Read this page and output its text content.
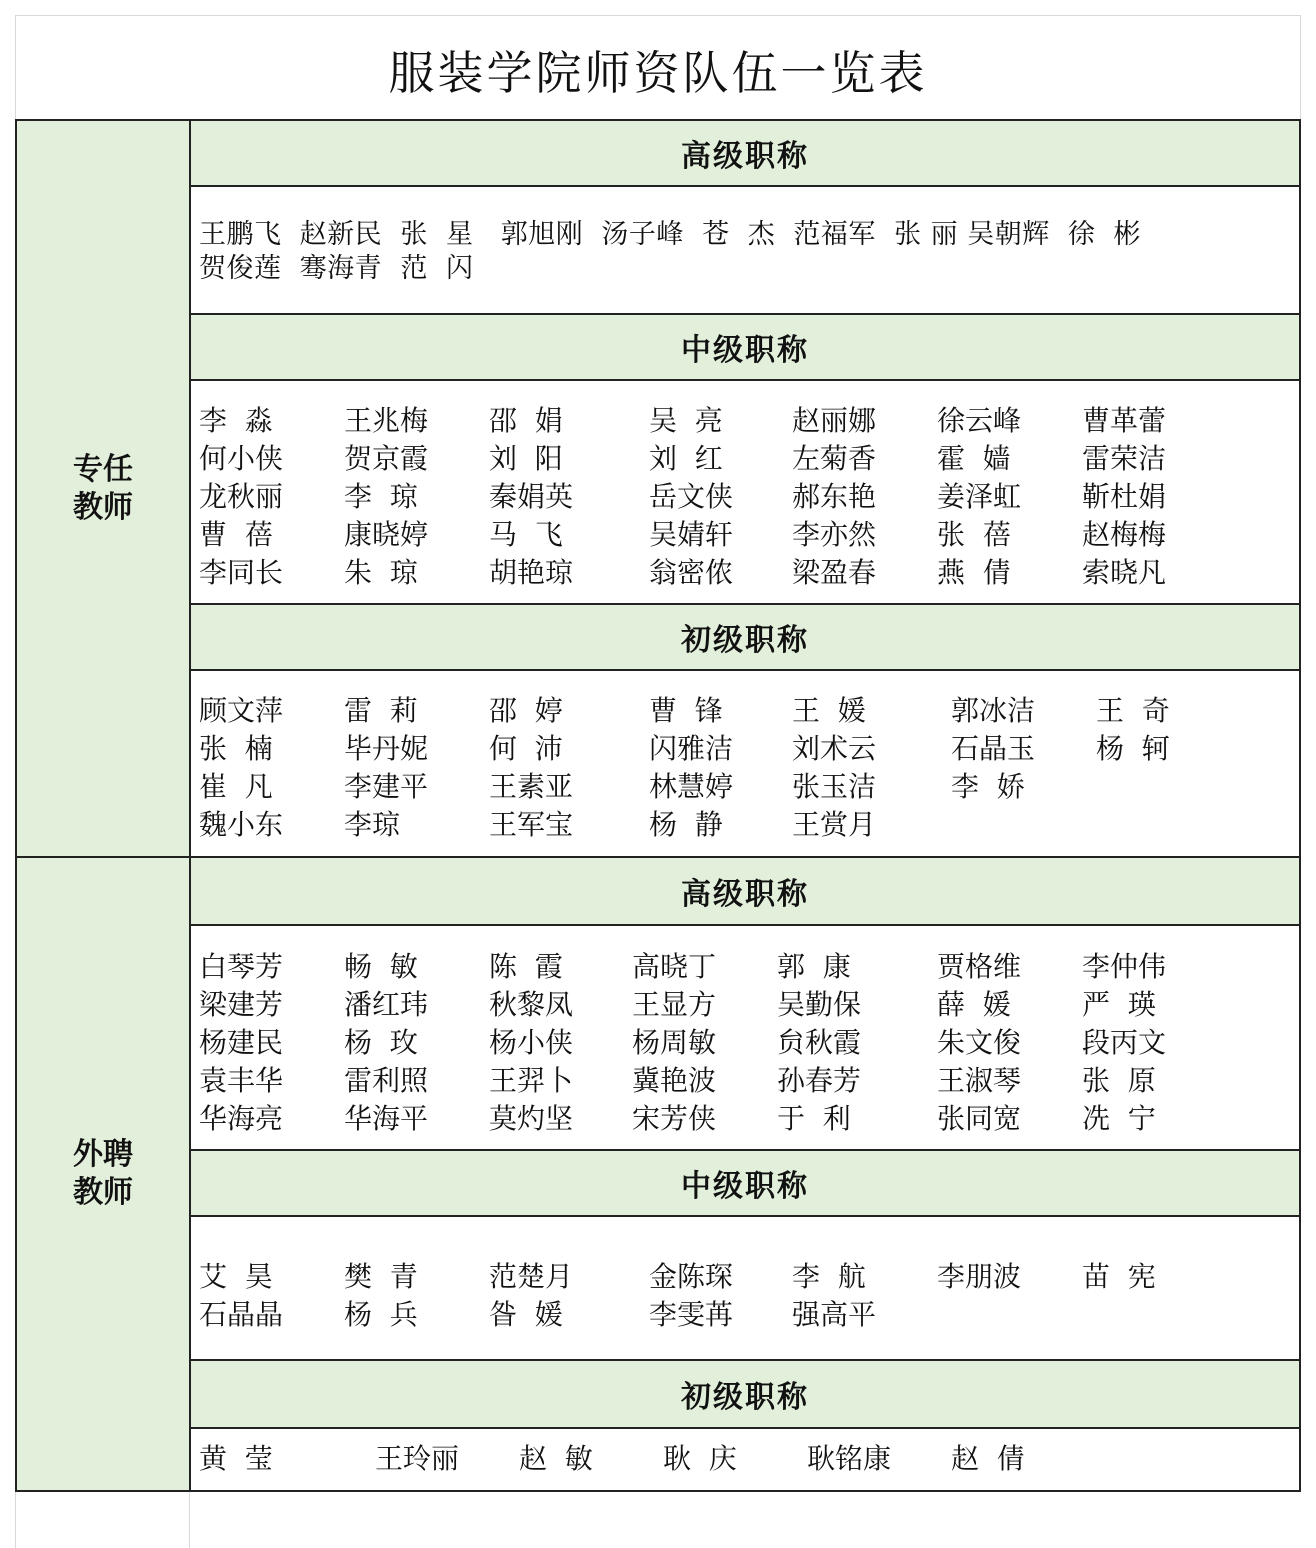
服装学院师资队伍一览表
专任
教师
高级职称
王鹏飞  赵新民  张  星   郭旭刚  汤子峰  苍  杰  范福军  张 丽 吴朝辉  徐  彬
贺俊莲  骞海青  范  闪
中级职称
李  淼	王兆梅 邵  娟	吴  亮 赵丽娜 徐云峰 曹革蕾
何小侠 贺京霞 刘  阳	刘  红 左菊香 霍  嫱	雷荣洁
龙秋丽 李  琼	秦娟英	岳文侠 郝东艳 姜泽虹 靳杜娟
曹  蓓	康晓婷 马  飞	吴婧轩 李亦然 张  蓓	赵梅梅
李同长 朱  琼	胡艳琼	翁密侬 梁盈春 燕  倩	索晓凡
初级职称
顾文萍 雷  莉	邵  婷	曹  锋 王  媛	郭冰洁 王  奇
张  楠	毕丹妮 何  沛	闪雅洁 刘术云	石晶玉 杨  轲
崔  凡	李建平 王素亚	林慧婷 张玉洁	李  娇
魏小东 李琼	王军宝	杨  静 王赏月
外聘
教师
高级职称
白琴芳 畅  敏	陈  霞 高晓丁 郭  康	贾格维 李仲伟
梁建芳 潘红玮 秋黎凤 王显方 吴勤保	薛  媛	严  瑛
杨建民 杨  玫	杨小侠 杨周敏 贠秋霞	朱文俊 段丙文
袁丰华 雷利照 王羿卜 冀艳波 孙春芳	王淑琴 张  原
华海亮 华海平 莫灼坚 宋芳侠 于  利	张同宽 冼  宁
中级职称
艾  昊	樊  青	范楚月	金陈琛 李  航	李朋波 苗  宪
石晶晶 杨  兵	昝  媛	李雯苒 强高平
初级职称
黄  莹	王玲丽 赵  敏	耿  庆	耿铭康 赵  倩
